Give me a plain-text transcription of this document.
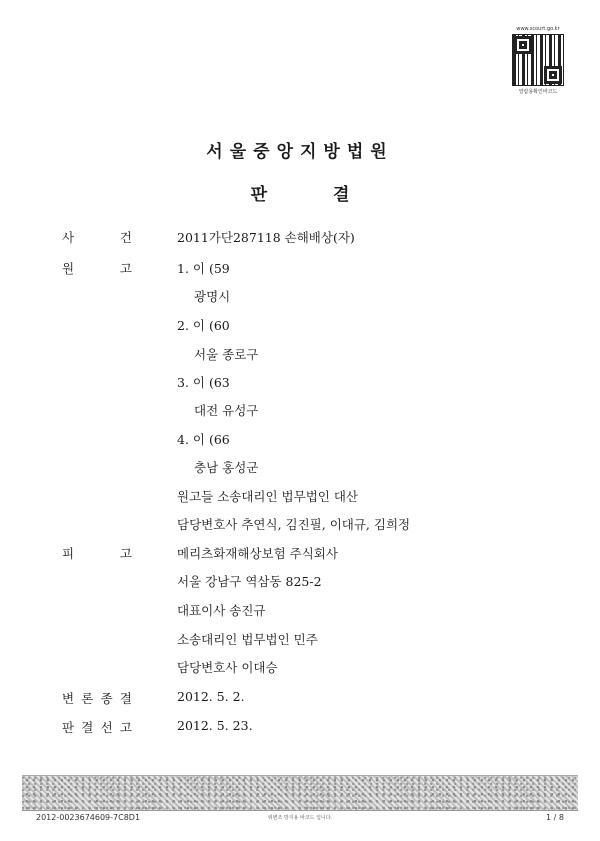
www.scourt.go.kr
열람용확인바코드
서울중앙지방법원
판 결
사	건	2011가단287118 손해배상(자)
원	고	1. 이 (59
광명시
2. 이 (60
서울 종로구
3. 이 (63
대전 유성구
4. 이 (66
충남 홍성군
원고들 소송대리인 법무법인 대산
담당변호사 추연식, 김진필, 이대규, 김희정
피	고	메리츠화재해상보험 주식회사
서울 강남구 역삼동 825-2
대표이사 송진규
소송대리인 법무법인 민주
담당변호사 이대승
변 론 종 결	2012. 5. 2.
판 결 선 고	2012. 5. 23.
2012-0023674609-7C8D1	위변조 방지용 바코드 입니다.	1 / 8
